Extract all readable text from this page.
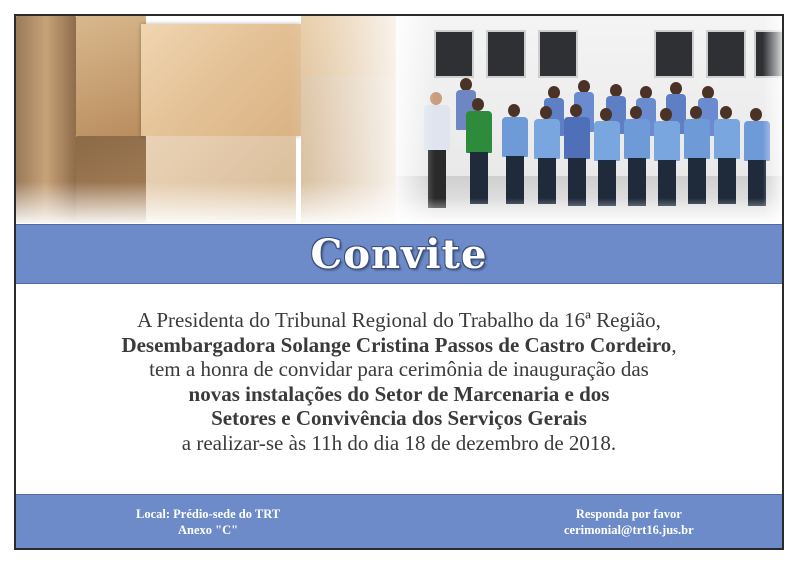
Convite
A Presidenta do Tribunal Regional do Trabalho da 16ª Região,
Desembargadora Solange Cristina Passos de Castro Cordeiro,
tem a honra de convidar para cerimônia de inauguração das
novas instalações do Setor de Marcenaria e dos
Setores e Convivência dos Serviços Gerais
a realizar-se às 11h do dia 18 de dezembro de 2018.
Local: Prédio-sede do TRT
Anexo "C"
Responda por favor
cerimonial@trt16.jus.br
